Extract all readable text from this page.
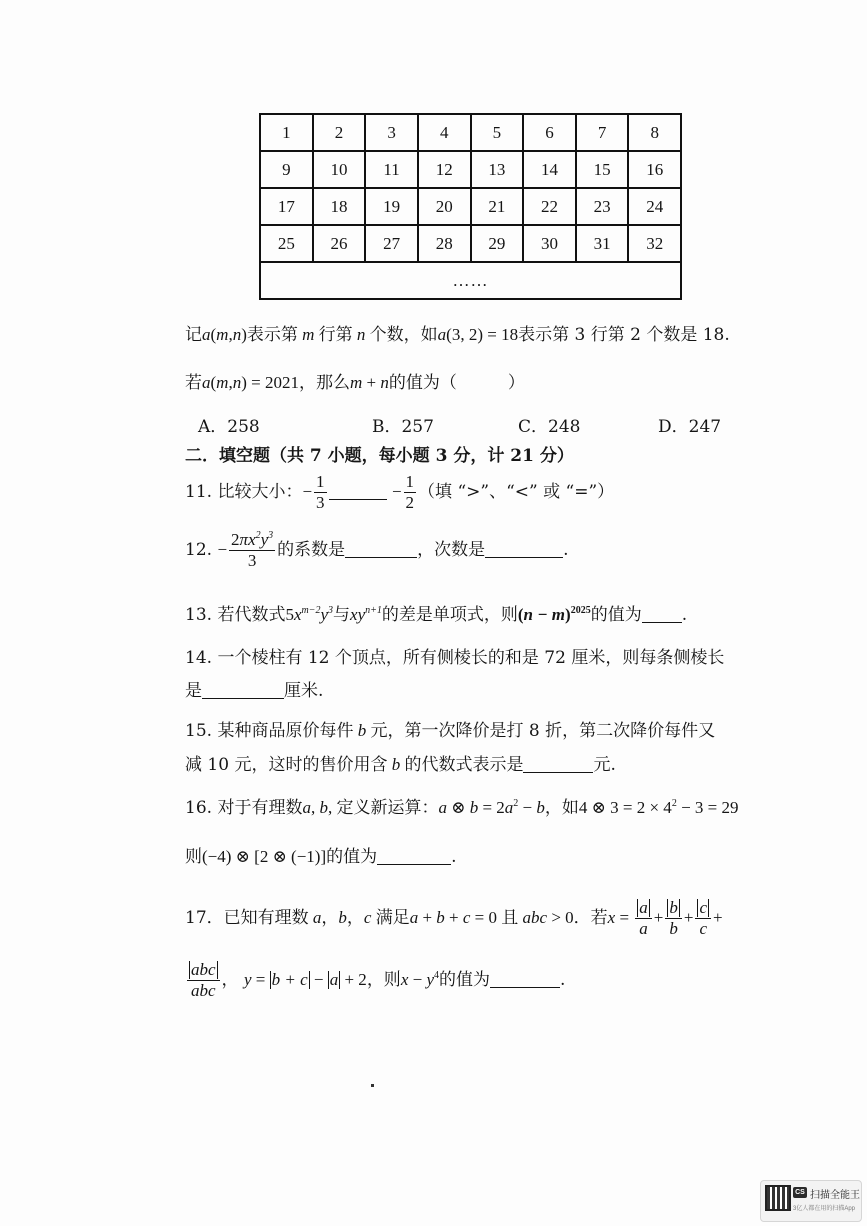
1	2	3	4	5	6	7	8
9	10	11	12	13	14	15	16
17	18	19	20	21	22	23	24
25	26	27	28	29	30	31	32
……							
记a(m,n)表示第 m 行第 n 个数，如a(3, 2) = 18表示第 3 行第 2 个数是 18.
若a(m,n) = 2021，那么m + n的值为（　　　）
A．258	B．257	C．248	D．247
二．填空题（共 7 小题，每小题 3 分，计 21 分）
11. 比较大小：− $\frac{1}{3}$	− $\frac{1}{2}$ （填 “>”、“<” 或 “=”）
12. − $\frac{2\pi x^2y^3}{3}$ 的系数是	，次数是	.
13. 若代数式$5x^{m-2}y^3$与$xy^{n+1}$的差是单项式，则$(n - m)^{2025}$的值为 .
14. 一个棱柱有 12 个顶点，所有侧棱长的和是 72 厘米，则每条侧棱长
是	厘米.
15. 某种商品原价每件 b 元，第一次降价是打 8 折，第二次降价每件又
减 10 元，这时的售价用含 b 的代数式表示是	元.
16. 对于有理数a, b, 定义新运算：a ⊗ $b = 2a^2 - b$，如4 ⊗ $3 = 2 \times 4^2 - 3 = 29$
则(−4) ⊗ [2 ⊗ (−1)]的值为	.
17．已知有理数 a，b，c 满足a + b + c = 0 且 abc > 0．若$x = \frac{a}{a} + \frac{b}{b} + \frac{c}{c}$ +
$\frac{\text{abc}}{\text{abc}}$ ， y = b + c − a + 2，则$x - y^4$的值为	.
CS 扫描全能王
3亿人都在用的扫描App
